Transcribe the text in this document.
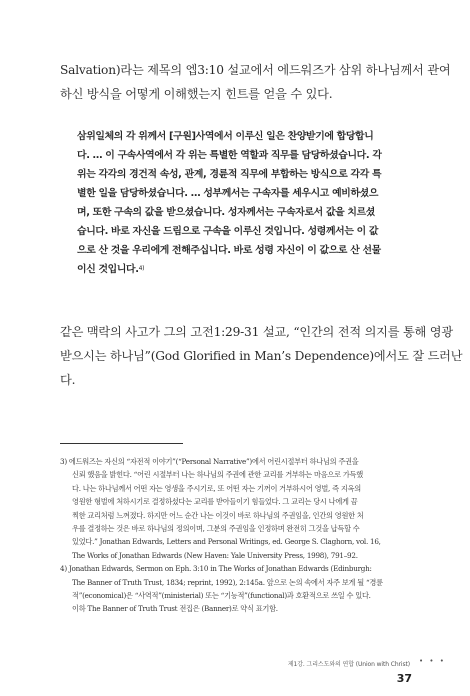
Salvation)라는 제목의 엡3:10 설교에서 에드워즈가 삼위 하나님께서 관여
하신 방식을 어떻게 이해했는지 힌트를 얻을 수 있다.
삼위일체의 각 위께서 [구원]사역에서 이루신 일은 찬양받기에 합당합니
다. … 이 구속사역에서 각 위는 특별한 역할과 직무를 담당하셨습니다. 각
위는 각각의 경건적 속성, 관계, 경륜적 직무에 부합하는 방식으로 각각 특
별한 일을 담당하셨습니다. … 성부께서는 구속자를 세우시고 예비하셨으
며, 또한 구속의 값을 받으셨습니다. 성자께서는 구속자로서 값을 치르셨
습니다. 바로 자신을 드림으로 구속을 이루신 것입니다. 성령께서는 이 값
으로 산 것을 우리에게 전해주십니다. 바로 성령 자신이 이 값으로 산 선물
이신 것입니다.$^{4)}$
같은 맥락의 사고가 그의 고전1:29-31 설교, “인간의 전적 의지를 통해 영광
받으시는 하나님”(God Glorified in Man’s Dependence)에서도 잘 드러난
다.
3) 에드워즈는 자신의 “자전적 이야기”(“Personal Narrative”)에서 어린시절부터 하나님의 주권을
신뢰 했음을 밝힌다. “어린 시절부터 나는 하나님의 주권에 관한 교리를 거부하는 마음으로 가득했
다. 나는 하나님께서 어떤 자는 영생을 주시기로, 또 어떤 자는 기꺼이 거부하시어 영벌, 즉 지옥의
영원한 형벌에 처하시기로 결정하셨다는 교리를 받아들이기 힘들었다. 그 교리는 당시 나에게 끔
찍한 교리처럼 느껴졌다. 하지만 어느 순간 나는 이것이 바로 하나님의 주권임을, 인간의 영원한 처
우를 결정하는 것은 바로 하나님의 정의이며, 그분의 주권임을 인정하며 완전히 그것을 납득할 수
있었다.” Jonathan Edwards, Letters and Personal Writings, ed. George S. Claghorn, vol. 16,
The Works of Jonathan Edwards (New Haven: Yale University Press, 1998), 791–92.
4) Jonathan Edwards, Sermon on Eph. 3:10 in The Works of Jonathan Edwards (Edinburgh:
The Banner of Truth Trust, 1834; reprint, 1992), 2:145a. 앞으로 논의 속에서 자주 보게 될 “경륜
적”(economical)은 “사역적”(ministerial) 또는 “기능적”(functional)과 호환적으로 쓰일 수 있다.
이하 The Banner of Truth Trust 전집은 (Banner)로 약식 표기함.
제1강. 그리스도와의 연합 (Union with Christ) • • •
37
